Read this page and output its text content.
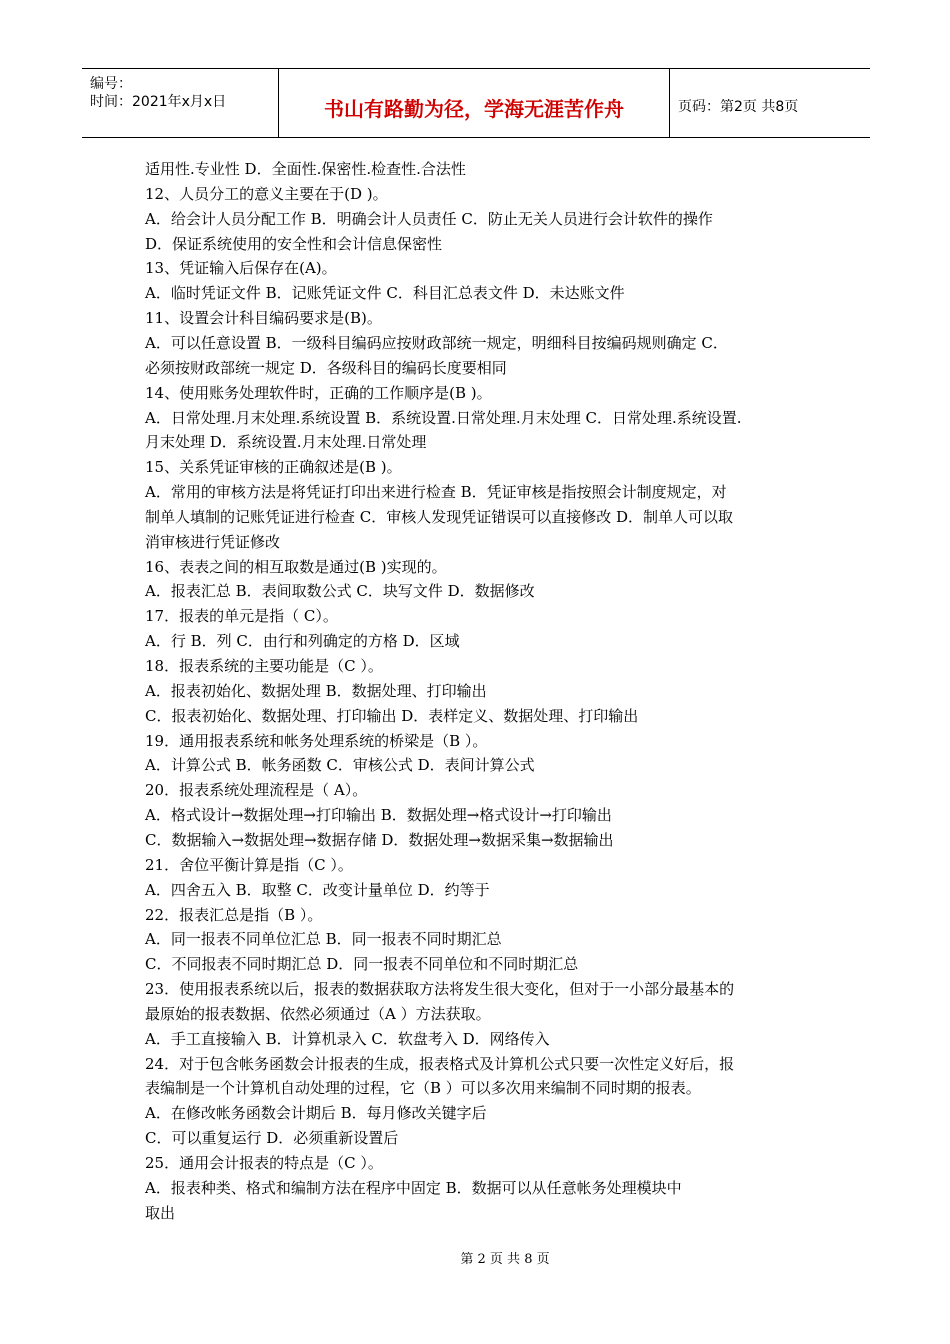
编号：
时间：2021年x月x日	书山有路勤为径，学海无涯苦作舟	页码：第2页 共8页
适用性.专业性 D．全面性.保密性.检查性.合法性
12、人员分工的意义主要在于(D )。
A．给会计人员分配工作 B．明确会计人员责任 C．防止无关人员进行会计软件的操作
D．保证系统使用的安全性和会计信息保密性
13、凭证输入后保存在(A)。
A．临时凭证文件 B．记账凭证文件 C．科目汇总表文件 D．未达账文件
11、设置会计科目编码要求是(B)。
A．可以任意设置 B．一级科目编码应按财政部统一规定，明细科目按编码规则确定 C．
必须按财政部统一规定 D．各级科目的编码长度要相同
14、使用账务处理软件时，正确的工作顺序是(B )。
A．日常处理.月末处理.系统设置 B．系统设置.日常处理.月末处理 C．日常处理.系统设置.
月末处理 D．系统设置.月末处理.日常处理
15、关系凭证审核的正确叙述是(B )。
A．常用的审核方法是将凭证打印出来进行检查 B．凭证审核是指按照会计制度规定，对
制单人填制的记账凭证进行检查 C．审核人发现凭证错误可以直接修改 D．制单人可以取
消审核进行凭证修改
16、表表之间的相互取数是通过(B )实现的。
A．报表汇总 B．表间取数公式 C．块写文件 D．数据修改
17．报表的单元是指（ C）。
A．行 B．列 C．由行和列确定的方格 D．区域
18．报表系统的主要功能是（C ）。
A．报表初始化、数据处理 B．数据处理、打印输出
C．报表初始化、数据处理、打印输出 D．表样定义、数据处理、打印输出
19．通用报表系统和帐务处理系统的桥梁是（B ）。
A．计算公式 B．帐务函数 C．审核公式 D．表间计算公式
20．报表系统处理流程是（ A）。
A．格式设计→数据处理→打印输出 B．数据处理→格式设计→打印输出
C．数据输入→数据处理→数据存储 D．数据处理→数据采集→数据输出
21．舍位平衡计算是指（C ）。
A．四舍五入 B．取整 C．改变计量单位 D．约等于
22．报表汇总是指（B ）。
A．同一报表不同单位汇总 B．同一报表不同时期汇总
C．不同报表不同时期汇总 D．同一报表不同单位和不同时期汇总
23．使用报表系统以后，报表的数据获取方法将发生很大变化，但对于一小部分最基本的
最原始的报表数据、依然必须通过（A ）方法获取。
A．手工直接输入 B．计算机录入 C．软盘考入 D．网络传入
24．对于包含帐务函数会计报表的生成，报表格式及计算机公式只要一次性定义好后，报
表编制是一个计算机自动处理的过程，它（B ）可以多次用来编制不同时期的报表。
A．在修改帐务函数会计期后 B．每月修改关键字后
C．可以重复运行 D．必须重新设置后
25．通用会计报表的特点是（C ）。
A．报表种类、格式和编制方法在程序中固定 B．数据可以从任意帐务处理模块中
取出
第 2 页 共 8 页
